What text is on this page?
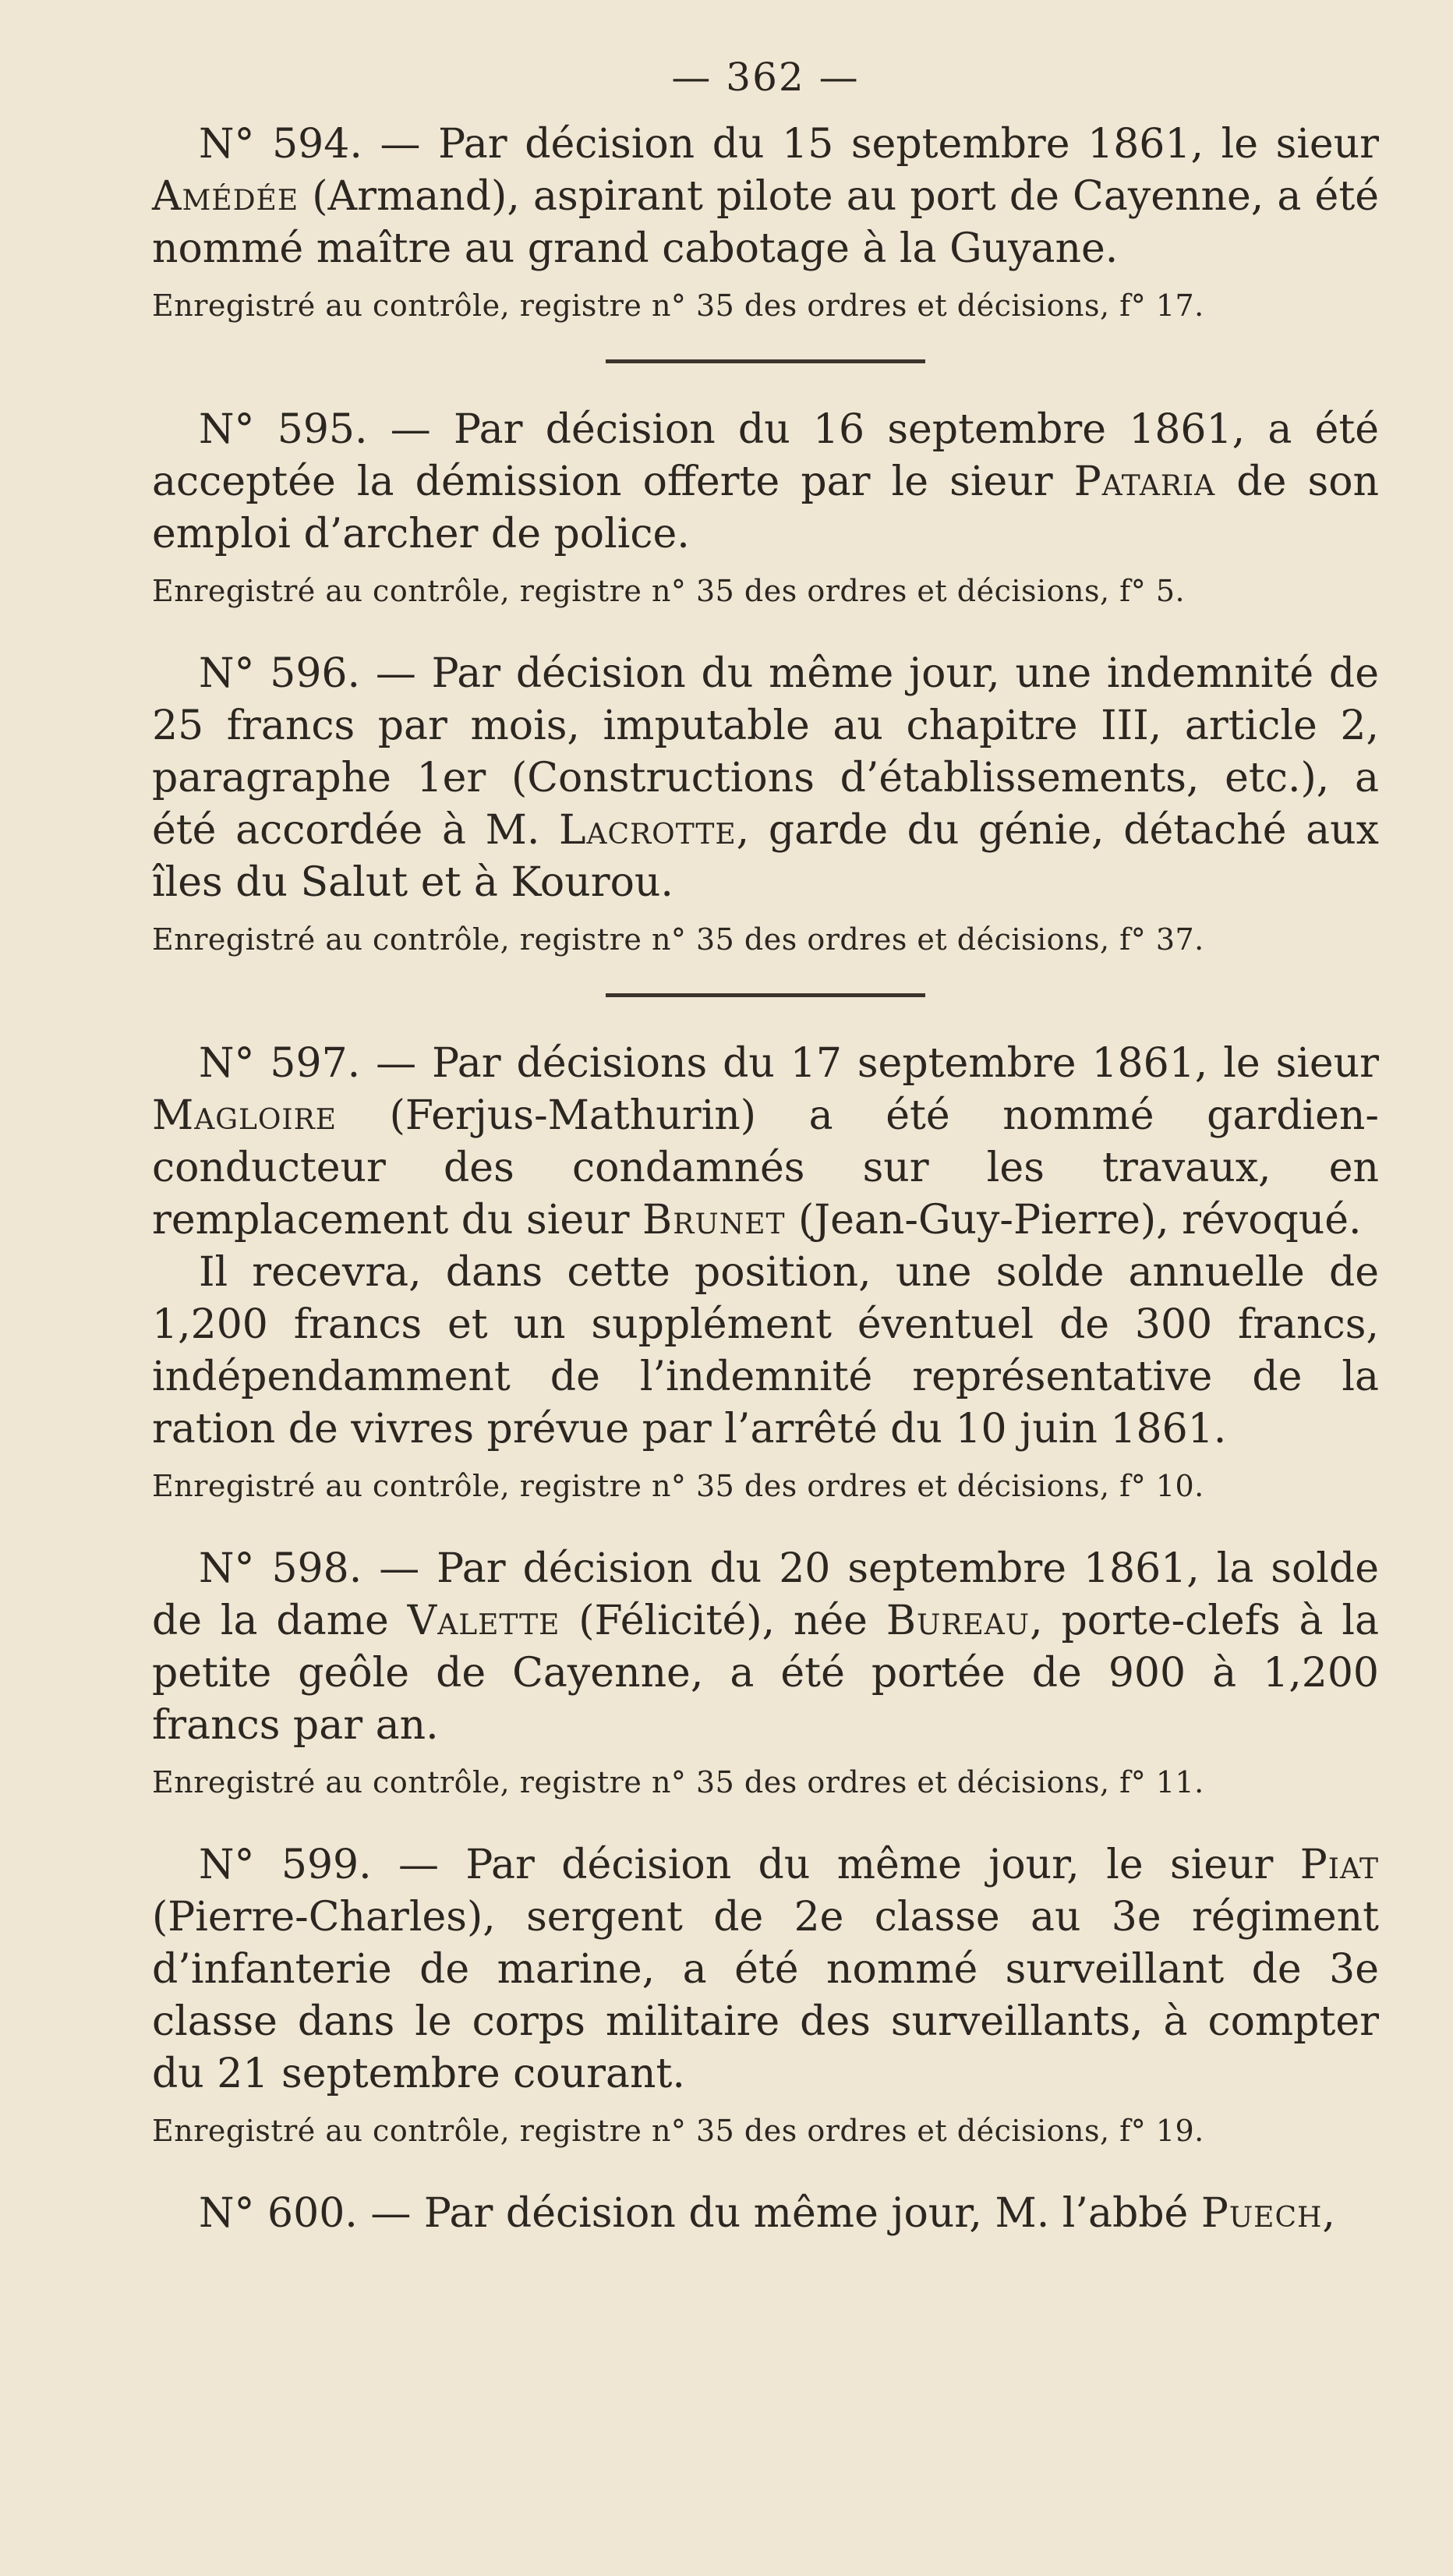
— 362 —

N° 594. — Par décision du 15 septembre 1861, le sieur Amédée (Armand), aspirant pilote au port de Cayenne, a été nommé maître au grand cabotage à la Guyane.

Enregistré au contrôle, registre n° 35 des ordres et décisions, f° 17.

N° 595. — Par décision du 16 septembre 1861, a été acceptée la démission offerte par le sieur Pataria de son emploi d’archer de police.

Enregistré au contrôle, registre n° 35 des ordres et décisions, f° 5.

N° 596. — Par décision du même jour, une indemnité de 25 francs par mois, imputable au chapitre III, article 2, paragraphe 1er (Constructions d’établissements, etc.), a été accordée à M. Lacrotte, garde du génie, détaché aux îles du Salut et à Kourou.

Enregistré au contrôle, registre n° 35 des ordres et décisions, f° 37.

N° 597. — Par décisions du 17 septembre 1861, le sieur Magloire (Ferjus-Mathurin) a été nommé gardien-conducteur des condamnés sur les travaux, en remplacement du sieur Brunet (Jean-Guy-Pierre), révoqué.

Il recevra, dans cette position, une solde annuelle de 1,200 francs et un supplément éventuel de 300 francs, indépendamment de l’indemnité représentative de la ration de vivres prévue par l’arrêté du 10 juin 1861.

Enregistré au contrôle, registre n° 35 des ordres et décisions, f° 10.

N° 598. — Par décision du 20 septembre 1861, la solde de la dame Valette (Félicité), née Bureau, porte-clefs à la petite geôle de Cayenne, a été portée de 900 à 1,200 francs par an.

Enregistré au contrôle, registre n° 35 des ordres et décisions, f° 11.

N° 599. — Par décision du même jour, le sieur Piat (Pierre-Charles), sergent de 2e classe au 3e régiment d’infanterie de marine, a été nommé surveillant de 3e classe dans le corps militaire des surveillants, à compter du 21 septembre courant.

Enregistré au contrôle, registre n° 35 des ordres et décisions, f° 19.

N° 600. — Par décision du même jour, M. l’abbé Puech,
